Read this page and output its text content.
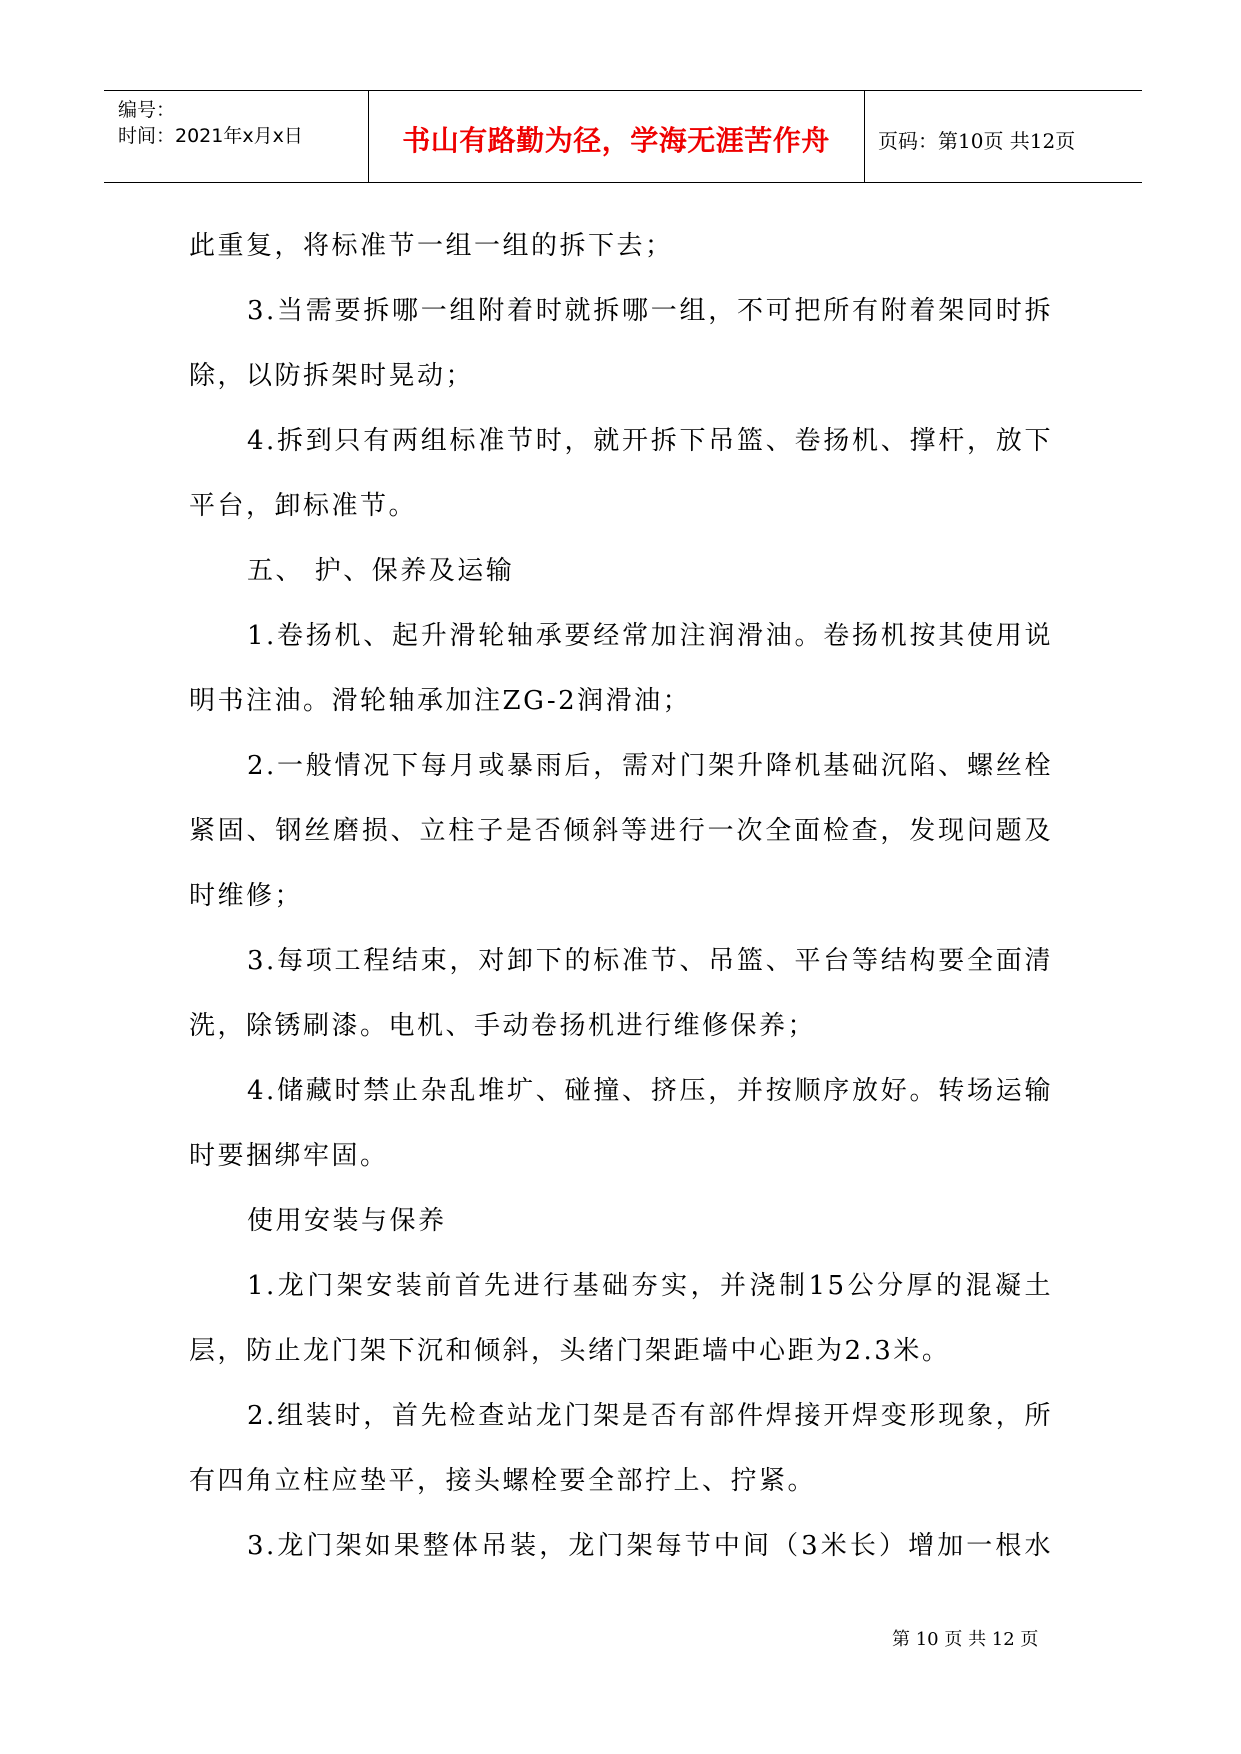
编号：
时间：2021年x月x日	书山有路勤为径，学海无涯苦作舟	页码：第10页 共12页

此重复，将标准节一组一组的拆下去；

3.当需要拆哪一组附着时就拆哪一组，不可把所有附着架同时拆

除，以防拆架时晃动；

4.拆到只有两组标准节时，就开拆下吊篮、卷扬机、撑杆，放下

平台，卸标准节。

五、 护、保养及运输

1.卷扬机、起升滑轮轴承要经常加注润滑油。卷扬机按其使用说

明书注油。滑轮轴承加注ZG-2润滑油；

2.一般情况下每月或暴雨后，需对门架升降机基础沉陷、螺丝栓

紧固、钢丝磨损、立柱子是否倾斜等进行一次全面检查，发现问题及

时维修；

3.每项工程结束，对卸下的标准节、吊篮、平台等结构要全面清

洗，除锈刷漆。电机、手动卷扬机进行维修保养；

4.储藏时禁止杂乱堆圹、碰撞、挤压，并按顺序放好。转场运输

时要捆绑牢固。

使用安装与保养

1.龙门架安装前首先进行基础夯实，并浇制15公分厚的混凝土

层，防止龙门架下沉和倾斜，头绪门架距墙中心距为2.3米。

2.组装时，首先检查站龙门架是否有部件焊接开焊变形现象，所

有四角立柱应垫平，接头螺栓要全部拧上、拧紧。

3.龙门架如果整体吊装，龙门架每节中间（3米长）增加一根水

第 10 页 共 12 页
